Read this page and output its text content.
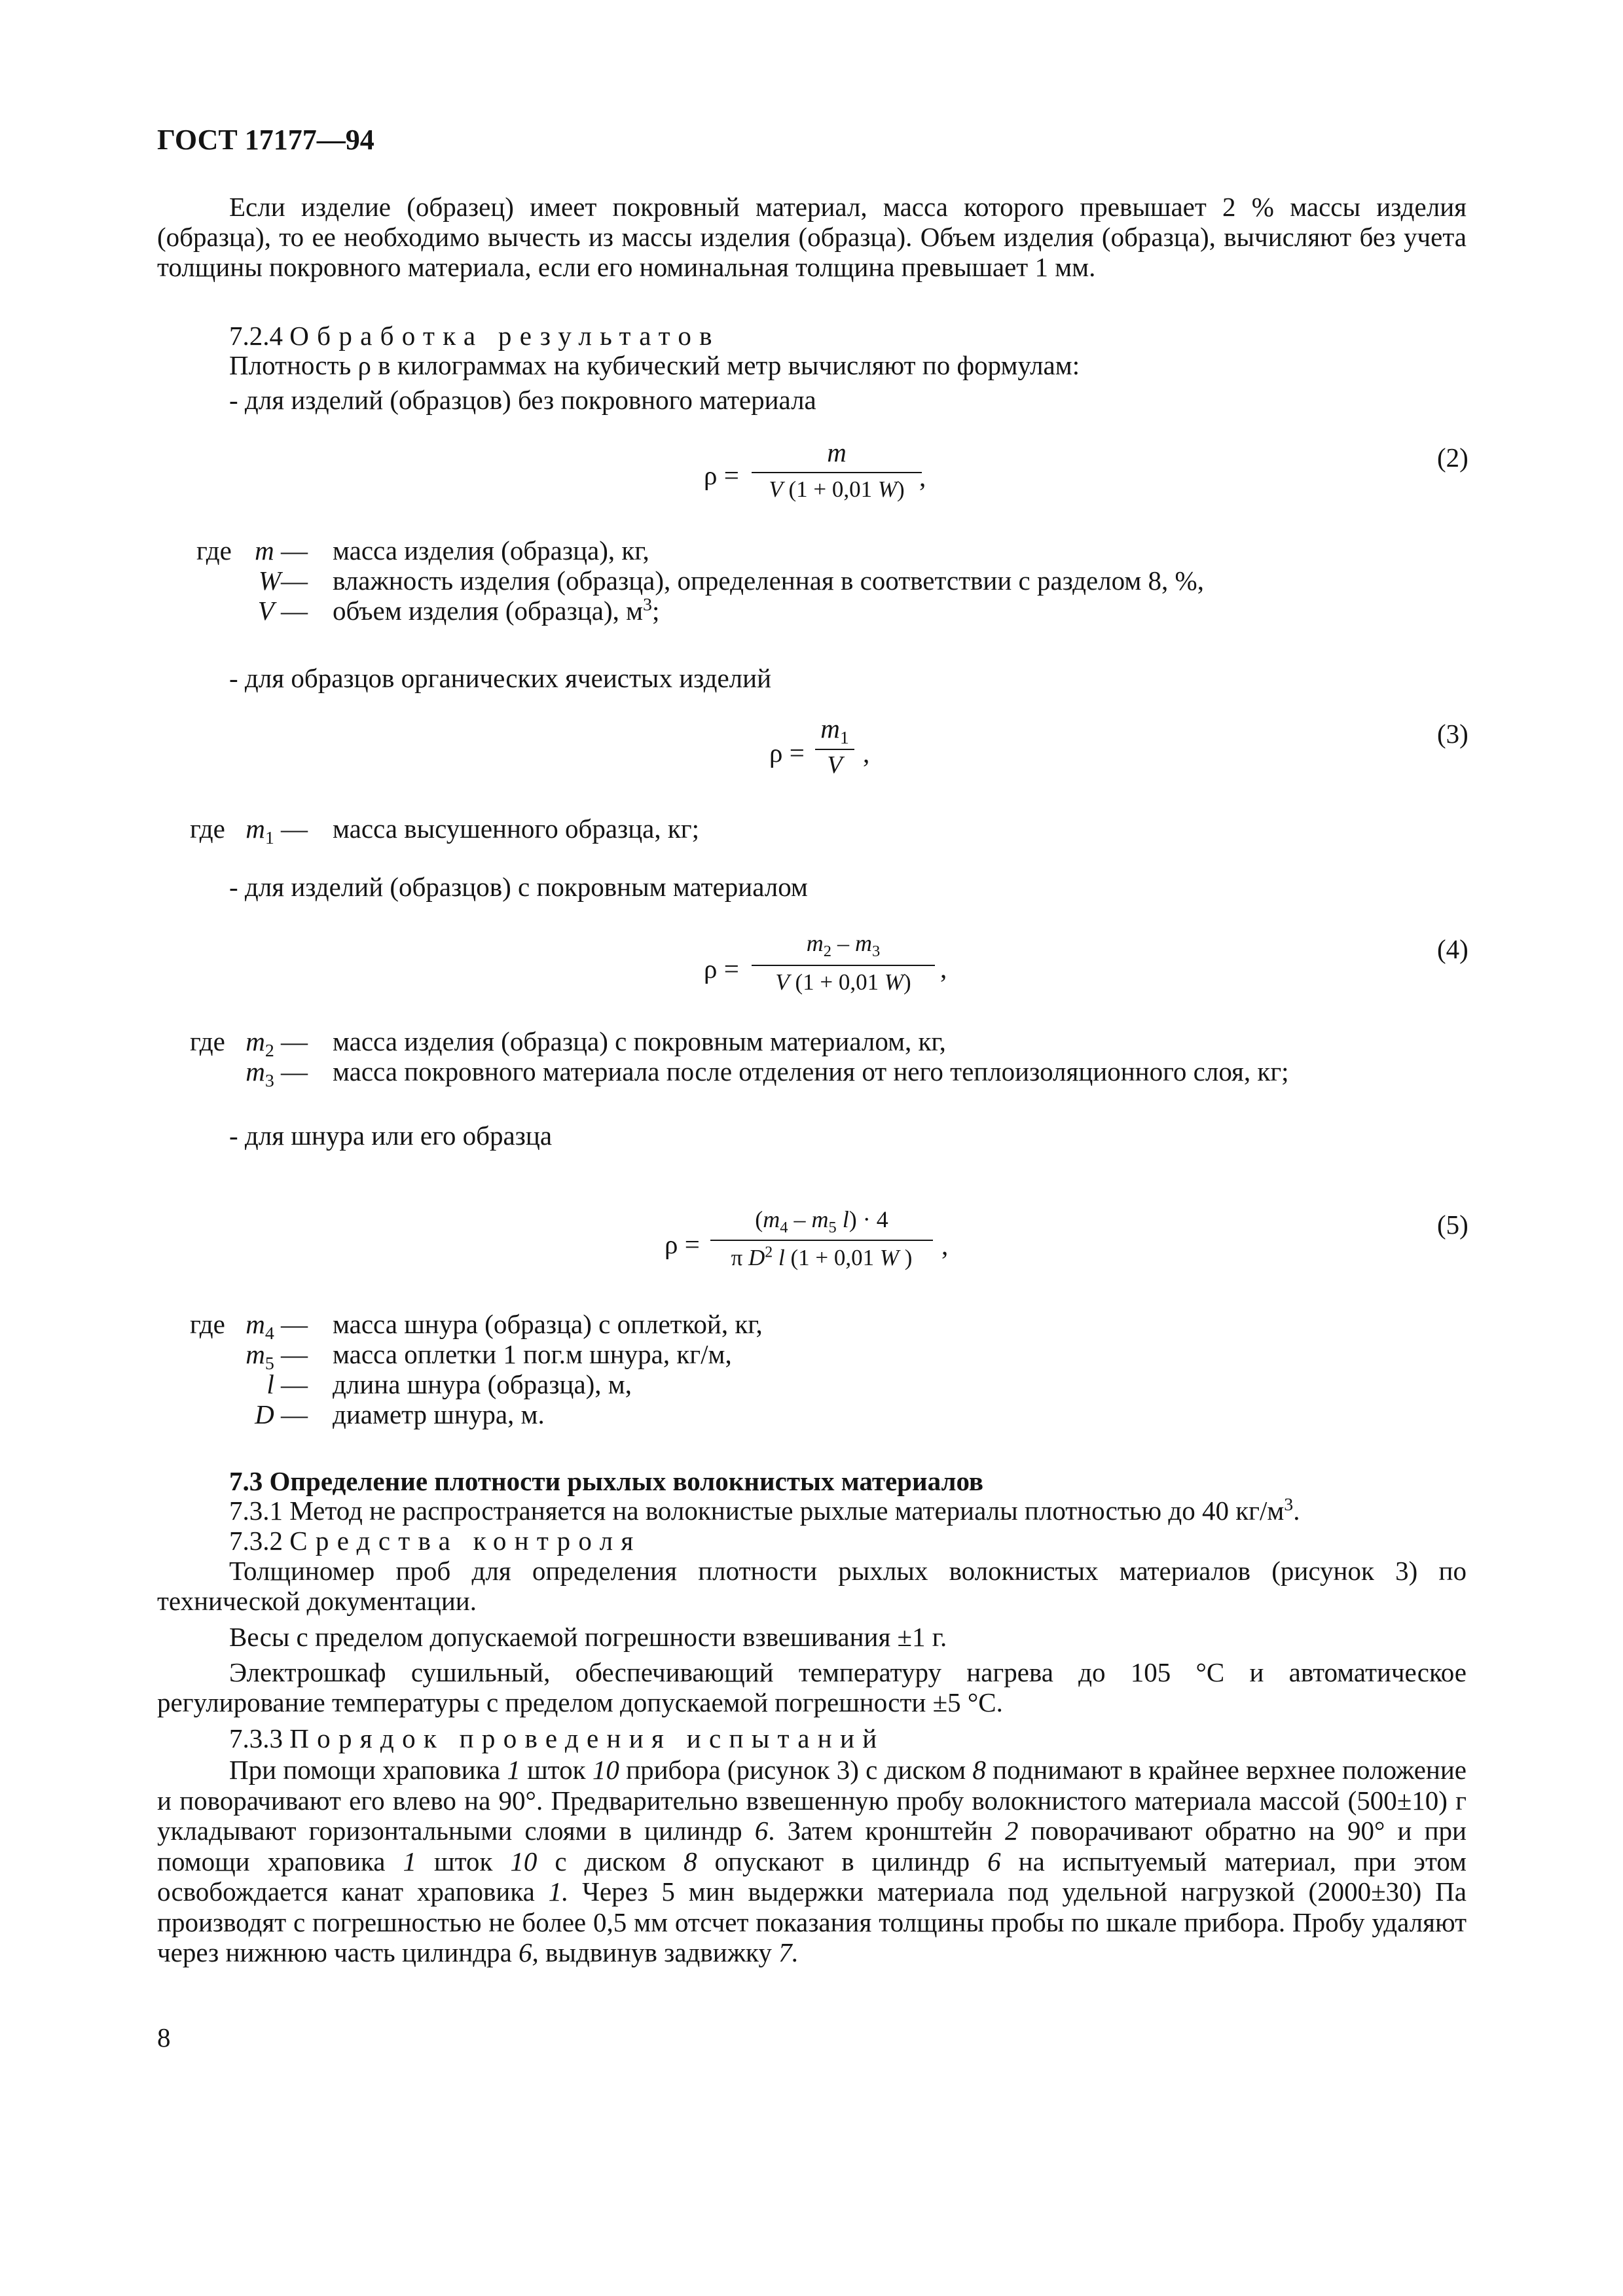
ГОСТ 17177—94
Если изделие (образец) имеет покровный материал, масса которого превышает 2 % массы изделия (образца), то ее необходимо вычесть из массы изделия (образца). Объем изделия (образца), вычисляют без учета толщины покровного материала, если его номинальная толщина превышает 1 мм.
7.2.4 Обработка результатов
Плотность ρ в килограммах на кубический метр вычисляют по формулам:
- для изделий (образцов) без покровного материала
ρ =
m
V (1 + 0,01 W) ,
(2)
где m — масса изделия (образца), кг,
W— влажность изделия (образца), определенная в соответствии с разделом 8, %,
V — объем изделия (образца), $м^3$;
- для образцов органических ячеистых изделий
ρ =
$m_1$
V ,
(3)
где $m_1$ — масса высушенного образца, кг;
- для изделий (образцов) с покровным материалом
ρ =
$m_2 - m_3$
V (1 + 0,01 W)	,
(4)
где $m_2$ — масса изделия (образца) с покровным материалом, кг,
$m_3$ — масса покровного материала после отделения от него теплоизоляционного слоя, кг;
- для шнура или его образца
ρ =
($m_4 - m_5$ l) · 4
π $D^2$ l (1 + 0,01 W )	,
(5)
где $m_4$ — масса шнура (образца) с оплеткой, кг,
$m_5$ — масса оплетки 1 пог.м шнура, кг/м,
l — длина шнура (образца), м,
D — диаметр шнура, м.
7.3 Определение плотности рыхлых волокнистых материалов
7.3.1 Метод не распространяется на волокнистые рыхлые материалы плотностью до 40 $кг/м^3$.
7.3.2 Средства контроля
Толщиномер проб для определения плотности рыхлых волокнистых материалов (рисунок 3) по технической документации.
Весы с пределом допускаемой погрешности взвешивания ±1 г.
Электрошкаф сушильный, обеспечивающий температуру нагрева до 105 °С и автоматическое регулирование температуры с пределом допускаемой погрешности ±5 °С.
7.3.3 Порядок проведения испытаний
При помощи храповика 1 шток 10 прибора (рисунок 3) с диском 8 поднимают в крайнее верхнее положение и поворачивают его влево на 90°. Предварительно взвешенную пробу волокнистого материала массой (500±10) г укладывают горизонтальными слоями в цилиндр 6. Затем кронштейн 2 поворачивают обратно на 90° и при помощи храповика 1 шток 10 с диском 8 опускают в цилиндр 6 на испытуемый материал, при этом освобождается канат храповика 1. Через 5 мин выдержки материала под удельной нагрузкой (2000±30) Па производят с погрешностью не более 0,5 мм отсчет показания толщины пробы по шкале прибора. Пробу удаляют через нижнюю часть цилиндра 6, выдвинув задвижку 7.
8
